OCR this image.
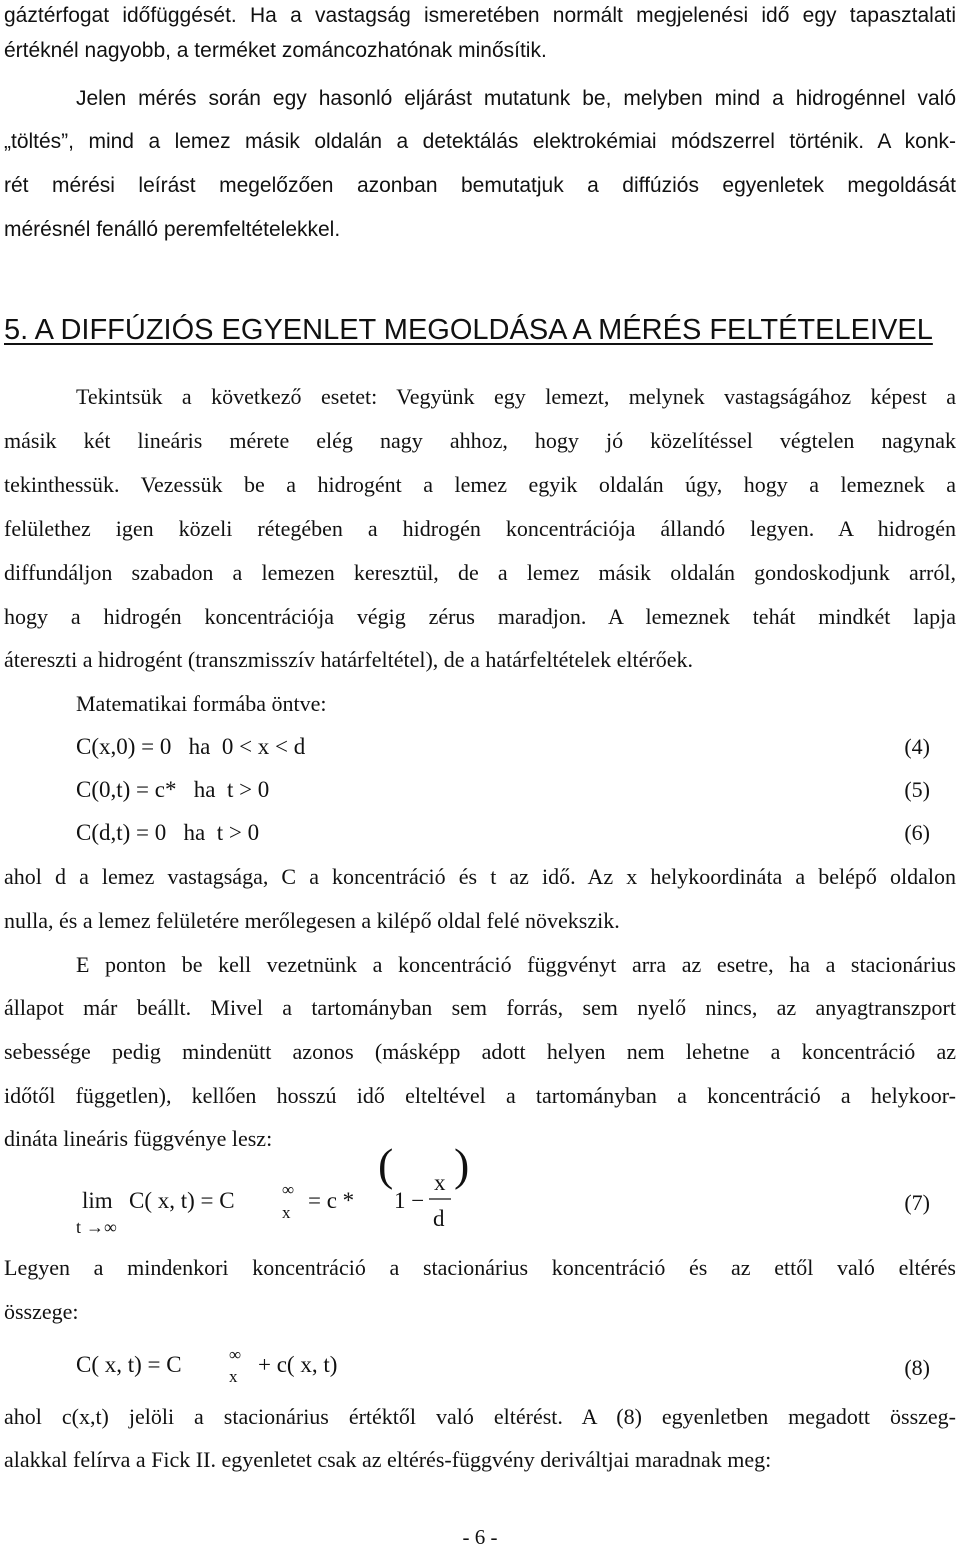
gáztérfogat időfüggését. Ha a vastagság ismeretében normált megjelenési idő egy tapasztalati
értéknél nagyobb, a terméket zománcozhatónak minősítik.
Jelen mérés során egy hasonló eljárást mutatunk be, melyben mind a hidrogénnel való
„töltés”, mind a lemez másik oldalán a detektálás elektrokémiai módszerrel történik. A konk-
rét mérési leírást megelőzően azonban bemutatjuk a diffúziós egyenletek megoldását
mérésnél fenálló peremfeltételekkel.
5. A DIFFÚZIÓS EGYENLET MEGOLDÁSA A MÉRÉS FELTÉTELEIVEL
Tekintsük a következő esetet: Vegyünk egy lemezt, melynek vastagságához képest a
másik két lineáris mérete elég nagy ahhoz, hogy jó közelítéssel végtelen nagynak
tekinthessük. Vezessük be a hidrogént a lemez egyik oldalán úgy, hogy a lemeznek a
felülethez igen közeli rétegében a hidrogén koncentrációja állandó legyen. A hidrogén
diffundáljon szabadon a lemezen keresztül, de a lemez másik oldalán gondoskodjunk arról,
hogy a hidrogén koncentrációja végig zérus maradjon. A lemeznek tehát mindkét lapja
átereszti a hidrogént (transzmisszív határfeltétel), de a határfeltételek eltérőek.
Matematikai formába öntve:
C(x,0) = 0   ha  0 < x < d	(4)
C(0,t) = c*   ha  t > 0	(5)
C(d,t) = 0   ha  t > 0	(6)
ahol d a lemez vastagsága, C a koncentráció és t az idő. Az x helykoordináta a belépő oldalon
nulla, és a lemez felületére merőlegesen a kilépő oldal felé növekszik.
E ponton be kell vezetnünk a koncentráció függvényt arra az esetre, ha a stacionárius
állapot már beállt. Mivel a tartományban sem forrás, sem nyelő nincs, az anyagtranszport
sebessége pedig mindenütt azonos (másképp adott helyen nem lehetne a koncentráció az
időtől független), kellően hosszú idő elteltével a tartományban a koncentráció a helykoor-
dináta lineáris függvénye lesz:
lim
t → ∞
C( x, t) = C	∞
x = c *
(
1 −
x
d
)
(7)
Legyen a mindenkori koncentráció a stacionárius koncentráció és az ettől való eltérés
összege:
C( x, t) = C	∞
x + c( x, t)	(8)
ahol c(x,t) jelöli a stacionárius értéktől való eltérést. A (8) egyenletben megadott összeg-
alakkal felírva a Fick II. egyenletet csak az eltérés-függvény deriváltjai maradnak meg:
- 6 -
